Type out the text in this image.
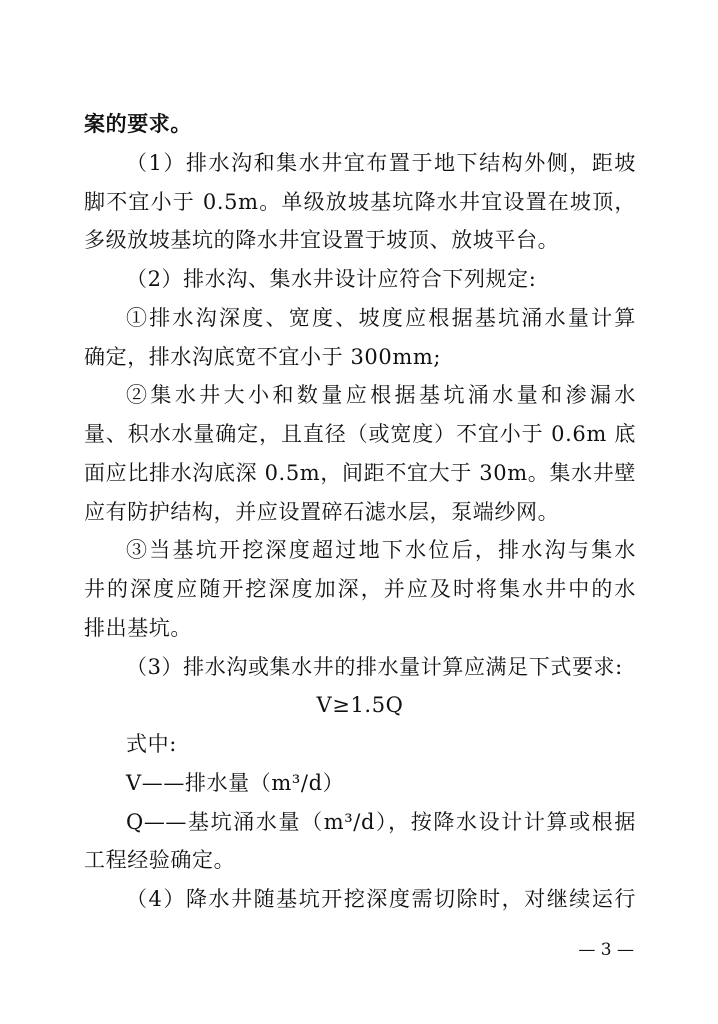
案的要求。
（1）排水沟和集水井宜布置于地下结构外侧，距坡
脚不宜小于 0.5m。单级放坡基坑降水井宜设置在坡顶，
多级放坡基坑的降水井宜设置于坡顶、放坡平台。
（2）排水沟、集水井设计应符合下列规定:
①排水沟深度、宽度、坡度应根据基坑涌水量计算
确定，排水沟底宽不宜小于 300mm;
②集水井大小和数量应根据基坑涌水量和渗漏水
量、积水水量确定，且直径（或宽度）不宜小于 0.6m 底
面应比排水沟底深 0.5m，间距不宜大于 30m。集水井壁
应有防护结构，并应设置碎石滤水层，泵端纱网。
③当基坑开挖深度超过地下水位后，排水沟与集水
井的深度应随开挖深度加深，并应及时将集水井中的水
排出基坑。
（3）排水沟或集水井的排水量计算应满足下式要求:
V≥1.5Q
式中:
V——排水量（m³/d）
Q——基坑涌水量（m³/d），按降水设计计算或根据
工程经验确定。
（4）降水井随基坑开挖深度需切除时，对继续运行
— 3 —
